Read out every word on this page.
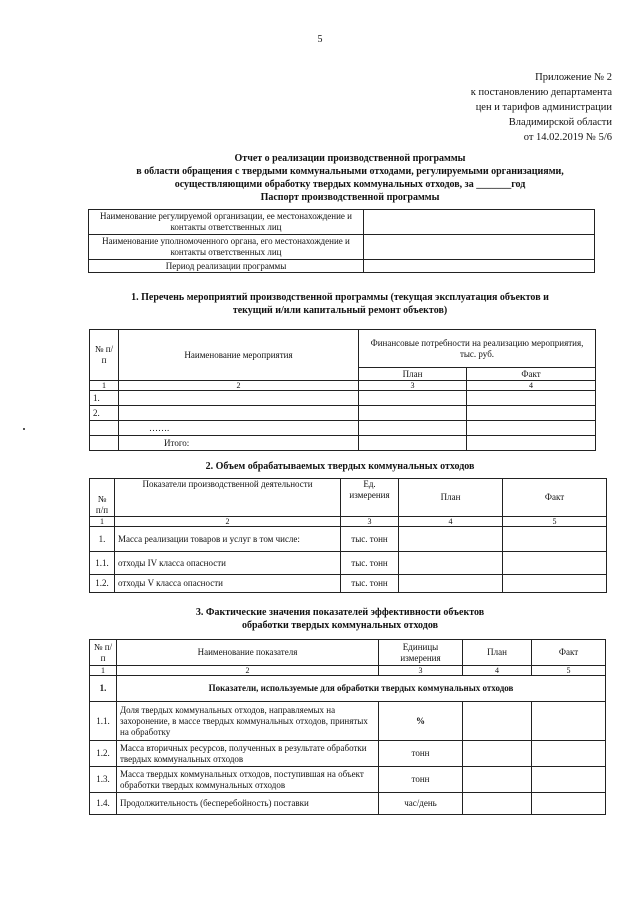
5
Приложение № 2
к постановлению департамента
цен и тарифов администрации
Владимирской области
от 14.02.2019 № 5/6
Отчет о реализации производственной программы
в области обращения с твердыми коммунальными отходами, регулируемыми организациями,
осуществляющими обработку твердых коммунальных отходов, за _______год
Паспорт производственной программы
Наименование регулируемой организации, ее местонахождение и контакты ответственных лиц	
Наименование уполномоченного органа, его местонахождение и контакты ответственных лиц	
Период реализации программы	
1. Перечень мероприятий производственной программы (текущая эксплуатация объектов и
текущий и/или капитальный ремонт объектов)
№ п/п	Наименование мероприятия	Финансовые потребности на реализацию мероприятия, тыс. руб.	
		План	Факт
1	2	3	4
1.			
2.			
	…….		
	Итого:		
2. Объем обрабатываемых твердых коммунальных отходов
№ п/п	Показатели производственной деятельности	Ед. измерения	План	Факт
1	2	3	4	5
1.	Масса реализации товаров и услуг в том числе:	тыс. тонн		
1.1.	отходы IV класса опасности	тыс. тонн		
1.2.	отходы V класса опасности	тыс. тонн		
3. Фактические значения показателей эффективности объектов
обработки твердых коммунальных отходов
№ п/п	Наименование показателя	Единицы измерения	План	Факт
1	2	3	4	5
1.	Показатели, используемые для обработки твердых коммунальных отходов			
1.1.	Доля твердых коммунальных отходов, направляемых на захоронение, в массе твердых коммунальных отходов, принятых на обработку	%		
1.2.	Масса вторичных ресурсов, полученных в результате обработки твердых коммунальных отходов	тонн		
1.3.	Масса твердых коммунальных отходов, поступившая на объект обработки твердых коммунальных отходов	тонн		
1.4.	Продолжительность (бесперебойность) поставки	час/день		
